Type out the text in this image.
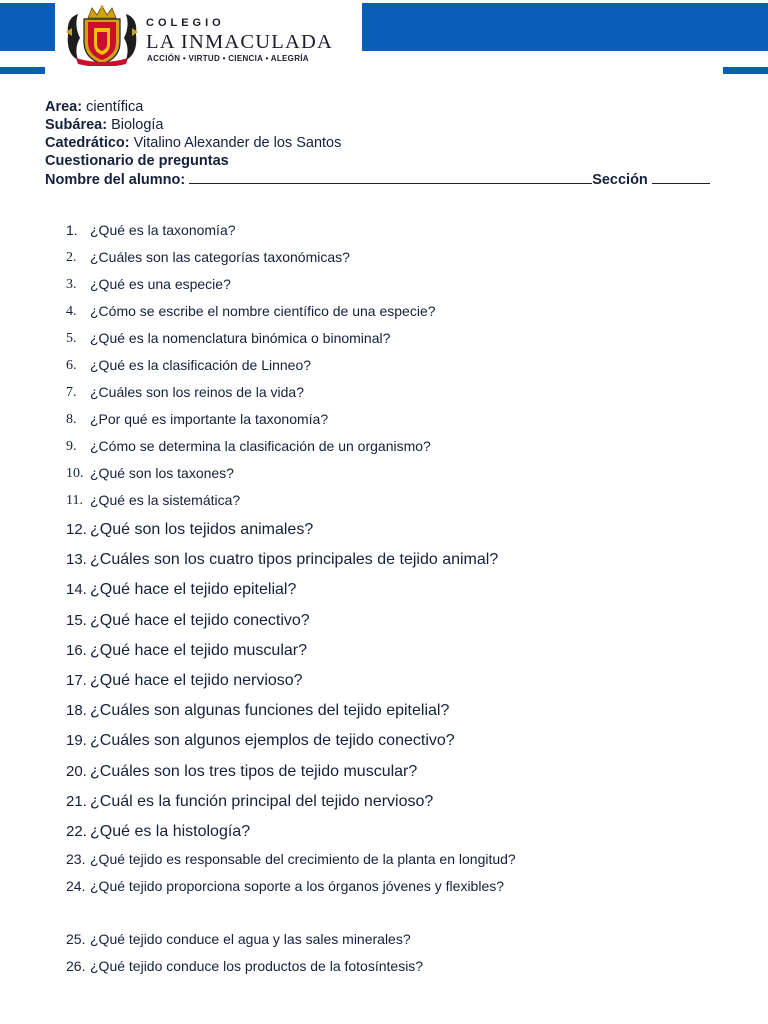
COLEGIO
LA INMACULADA
ACCIÓN • VIRTUD • CIENCIA • ALEGRÍA
Area: científica
Subárea: Biología
Catedrático: Vitalino Alexander de los Santos
Cuestionario de preguntas
Nombre del alumno:	Sección
1. ¿Qué es la taxonomía?
2. ¿Cuáles son las categorías taxonómicas?
3. ¿Qué es una especie?
4. ¿Cómo se escribe el nombre científico de una especie?
5. ¿Qué es la nomenclatura binómica o binominal?
6. ¿Qué es la clasificación de Linneo?
7. ¿Cuáles son los reinos de la vida?
8. ¿Por qué es importante la taxonomía?
9. ¿Cómo se determina la clasificación de un organismo?
10. ¿Qué son los taxones?
11. ¿Qué es la sistemática?
12. ¿Qué son los tejidos animales?
13. ¿Cuáles son los cuatro tipos principales de tejido animal?
14. ¿Qué hace el tejido epitelial?
15. ¿Qué hace el tejido conectivo?
16. ¿Qué hace el tejido muscular?
17. ¿Qué hace el tejido nervioso?
18. ¿Cuáles son algunas funciones del tejido epitelial?
19. ¿Cuáles son algunos ejemplos de tejido conectivo?
20. ¿Cuáles son los tres tipos de tejido muscular?
21. ¿Cuál es la función principal del tejido nervioso?
22. ¿Qué es la histología?
23. ¿Qué tejido es responsable del crecimiento de la planta en longitud?
24. ¿Qué tejido proporciona soporte a los órganos jóvenes y flexibles?
25. ¿Qué tejido conduce el agua y las sales minerales?
26. ¿Qué tejido conduce los productos de la fotosíntesis?
